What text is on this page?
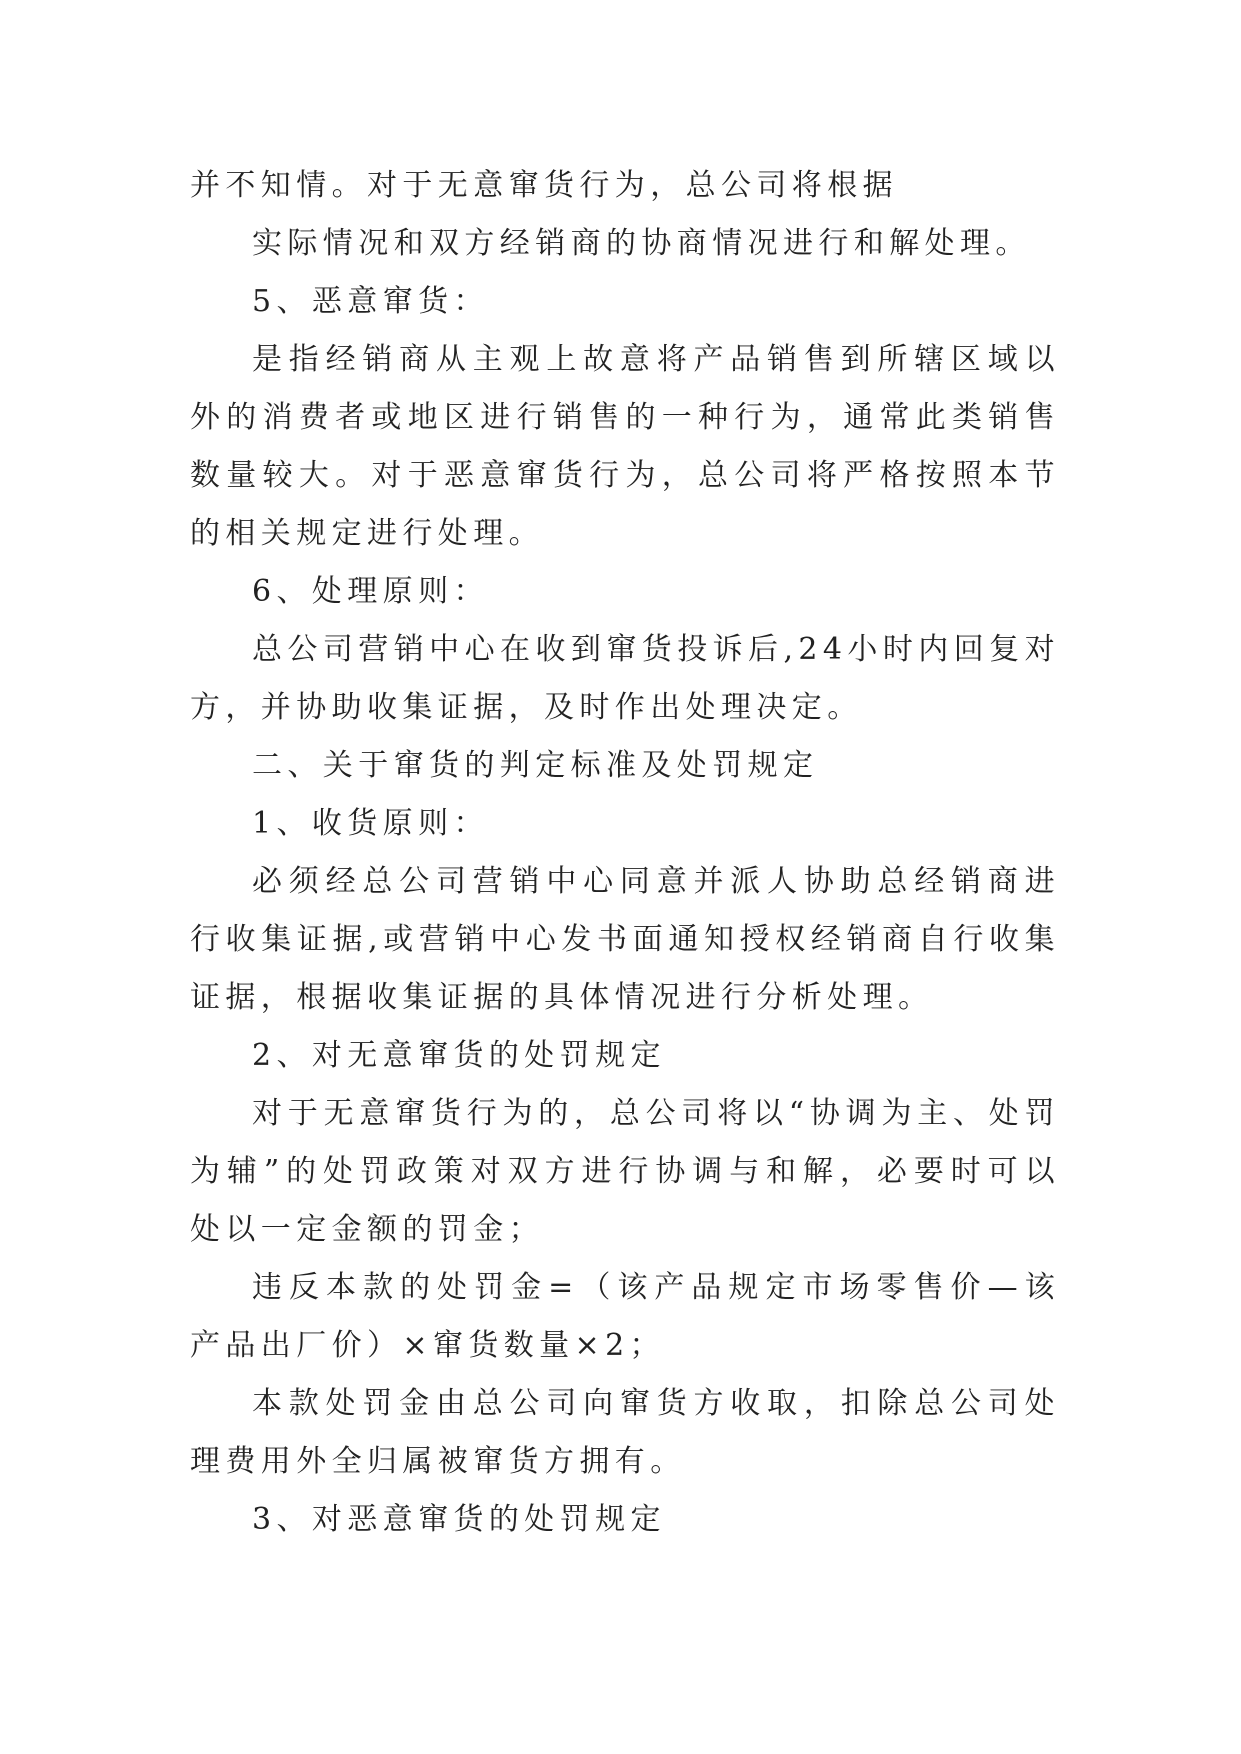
并不知情。对于无意窜货行为，总公司将根据

实际情况和双方经销商的协商情况进行和解处理。

5、恶意窜货：

是指经销商从主观上故意将产品销售到所辖区域以外的消费者或地区进行销售的一种行为，通常此类销售数量较大。对于恶意窜货行为，总公司将严格按照本节的相关规定进行处理。

6、处理原则：

总公司营销中心在收到窜货投诉后,24小时内回复对方，并协助收集证据，及时作出处理决定。

二、关于窜货的判定标准及处罚规定

1、收货原则：

必须经总公司营销中心同意并派人协助总经销商进行收集证据,或营销中心发书面通知授权经销商自行收集证据，根据收集证据的具体情况进行分析处理。

2、对无意窜货的处罚规定

对于无意窜货行为的，总公司将以“协调为主、处罚为辅”的处罚政策对双方进行协调与和解，必要时可以处以一定金额的罚金；

违反本款的处罚金=（该产品规定市场零售价—该产品出厂价）×窜货数量×2；

本款处罚金由总公司向窜货方收取，扣除总公司处理费用外全归属被窜货方拥有。

3、对恶意窜货的处罚规定
